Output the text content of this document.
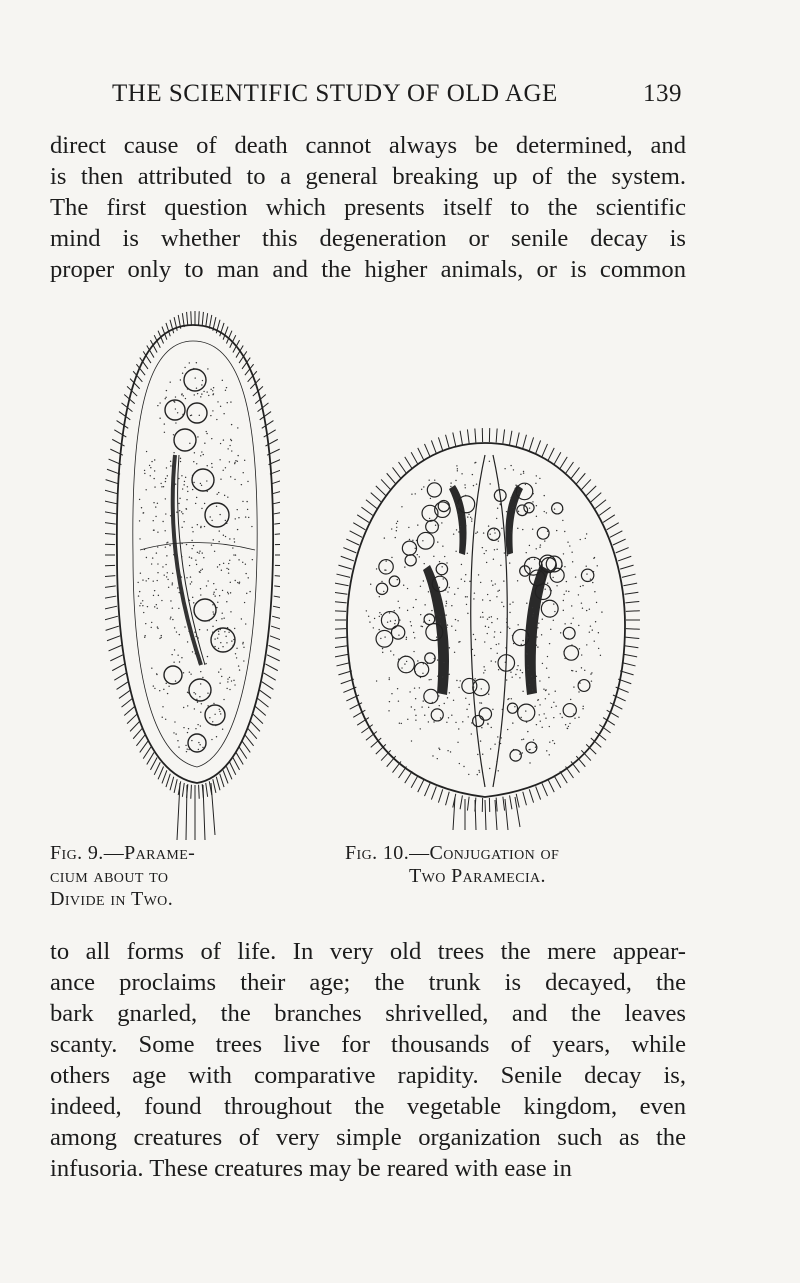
THE SCIENTIFIC STUDY OF OLD AGE	139
direct cause of death cannot always be determined, and
is then attributed to a general breaking up of the system.
The first question which presents itself to the scientific
mind is whether this degeneration or senile decay is
proper only to man and the higher animals, or is common
Fig. 9.—Parame-
cium about to
Divide in Two.
Fig. 10.—Conjugation of
Two Paramecia.
to all forms of life. In very old trees the mere appear-
ance proclaims their age; the trunk is decayed, the
bark gnarled, the branches shrivelled, and the leaves
scanty. Some trees live for thousands of years, while
others age with comparative rapidity. Senile decay is,
indeed, found throughout the vegetable kingdom, even
among creatures of very simple organization such as the
infusoria. These creatures may be reared with ease in
